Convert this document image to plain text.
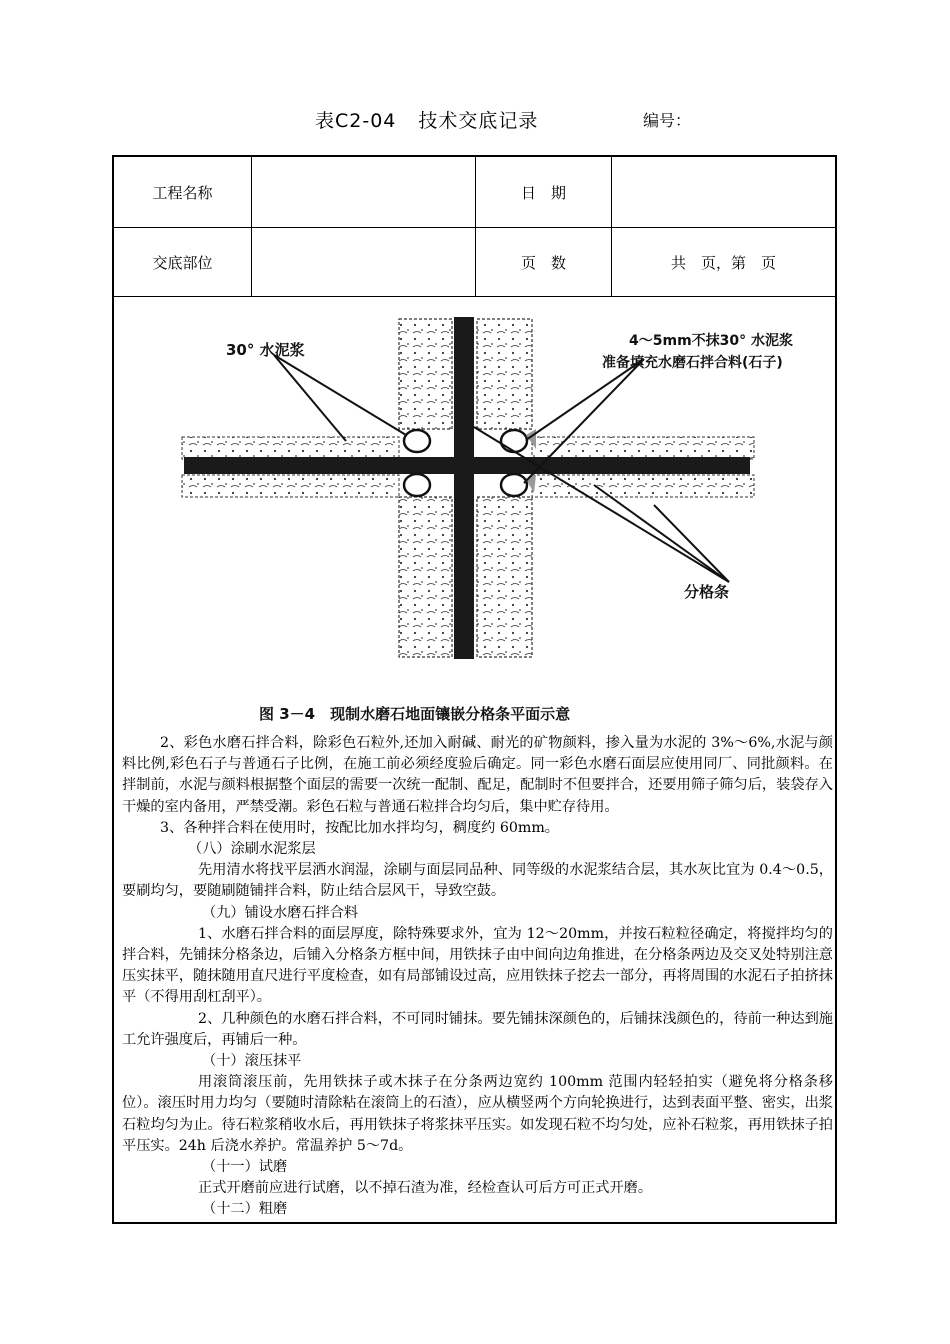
表C2-04 技术交底记录	编号：
工程名称	日　期
交底部位	页　数	共　页，第　页
30° 水泥浆	4～5mm不抹30° 水泥浆
准备填充水磨石拌合料(石子)
分格条
图 3－4　现制水磨石地面镶嵌分格条平面示意

2、彩色水磨石拌合料，除彩色石粒外,还加入耐碱、耐光的矿物颜料，掺入量为水泥的 3%～6%,水泥与颜料比例,彩色石子与普通石子比例，在施工前必须经度验后确定。同一彩色水磨石面层应使用同厂、同批颜料。在拌制前，水泥与颜料根据整个面层的需要一次统一配制、配足，配制时不但要拌合，还要用筛子筛匀后，装袋存入干燥的室内备用，严禁受潮。彩色石粒与普通石粒拌合均匀后，集中贮存待用。

3、各种拌合料在使用时，按配比加水拌均匀，稠度约 60mm。

（八）涂刷水泥浆层

先用清水将找平层洒水润湿，涂刷与面层同品种、同等级的水泥浆结合层，其水灰比宜为 0.4～0.5，要刷均匀，要随刷随铺拌合料，防止结合层风干，导致空鼓。

（九）铺设水磨石拌合料

1、水磨石拌合料的面层厚度，除特殊要求外，宜为 12～20mm，并按石粒粒径确定，将搅拌均匀的拌合料，先铺抹分格条边，后铺入分格条方框中间，用铁抹子由中间向边角推进，在分格条两边及交叉处特别注意压实抹平，随抹随用直尺进行平度检查，如有局部铺设过高，应用铁抹子挖去一部分，再将周围的水泥石子拍挤抹平（不得用刮杠刮平）。

2、几种颜色的水磨石拌合料，不可同时铺抹。要先铺抹深颜色的，后铺抹浅颜色的，待前一种达到施工允许强度后，再铺后一种。

（十）滚压抹平

用滚筒滚压前，先用铁抹子或木抹子在分条两边宽约 100mm 范围内轻轻拍实（避免将分格条移位）。滚压时用力均匀（要随时清除粘在滚筒上的石渣），应从横竖两个方向轮换进行，达到表面平整、密实，出浆石粒均匀为止。待石粒浆稍收水后，再用铁抹子将浆抹平压实。如发现石粒不均匀处，应补石粒浆，再用铁抹子拍平压实。24h 后浇水养护。常温养护 5～7d。

（十一）试磨

正式开磨前应进行试磨，以不掉石渣为准，经检查认可后方可正式开磨。

（十二）粗磨
